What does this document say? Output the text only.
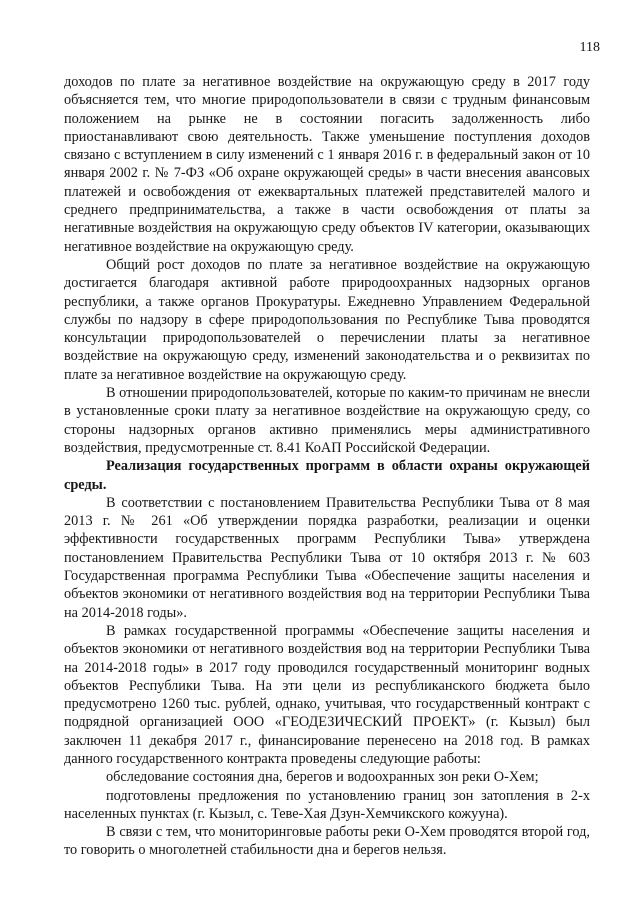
118

доходов по плате за негативное воздействие на окружающую среду в 2017 году объясняется тем, что многие природопользователи в связи с трудным финансовым положением на рынке не в состоянии погасить задолженность либо приостанавливают свою деятельность. Также уменьшение поступления доходов связано с вступлением в силу изменений с 1 января 2016 г. в федеральный закон от 10 января 2002 г. № 7-ФЗ «Об охране окружающей среды» в части внесения авансовых платежей и освобождения от ежеквартальных платежей представителей малого и среднего предпринимательства, а также в части освобождения от платы за негативные воздействия на окружающую среду объектов IV категории, оказывающих негативное воздействие на окружающую среду.

Общий рост доходов по плате за негативное воздействие на окружающую достигается благодаря активной работе природоохранных надзорных органов республики, а также органов Прокуратуры. Ежедневно Управлением Федеральной службы по надзору в сфере природопользования по Республике Тыва проводятся консультации природопользователей о перечислении платы за негативное воздействие на окружающую среду, изменений законодательства и о реквизитах по плате за негативное воздействие на окружающую среду.

В отношении природопользователей, которые по каким-то причинам не внесли в установленные сроки плату за негативное воздействие на окружающую среду, со стороны надзорных органов активно применялись меры административного воздействия, предусмотренные ст. 8.41 КоАП Российской Федерации.

Реализация государственных программ в области охраны окружающей среды.

В соответствии с постановлением Правительства Республики Тыва от 8 мая 2013 г. № 261 «Об утверждении порядка разработки, реализации и оценки эффективности государственных программ Республики Тыва» утверждена постановлением Правительства Республики Тыва от 10 октября 2013 г. № 603 Государственная программа Республики Тыва «Обеспечение защиты населения и объектов экономики от негативного воздействия вод на территории Республики Тыва на 2014-2018 годы».

В рамках государственной программы «Обеспечение защиты населения и объектов экономики от негативного воздействия вод на территории Республики Тыва на 2014-2018 годы» в 2017 году проводился государственный мониторинг водных объектов Республики Тыва. На эти цели из республиканского бюджета было предусмотрено 1260 тыс. рублей, однако, учитывая, что государственный контракт с подрядной организацией ООО «ГЕОДЕЗИЧЕСКИЙ ПРОЕКТ» (г. Кызыл) был заключен 11 декабря 2017 г., финансирование перенесено на 2018 год. В рамках данного государственного контракта проведены следующие работы:

обследование состояния дна, берегов и водоохранных зон реки О-Хем;

подготовлены предложения по установлению границ зон затопления в 2-х населенных пунктах (г. Кызыл, с. Теве-Хая Дзун-Хемчикского кожууна).

В связи с тем, что мониторинговые работы реки О-Хем проводятся второй год, то говорить о многолетней стабильности дна и берегов нельзя.
